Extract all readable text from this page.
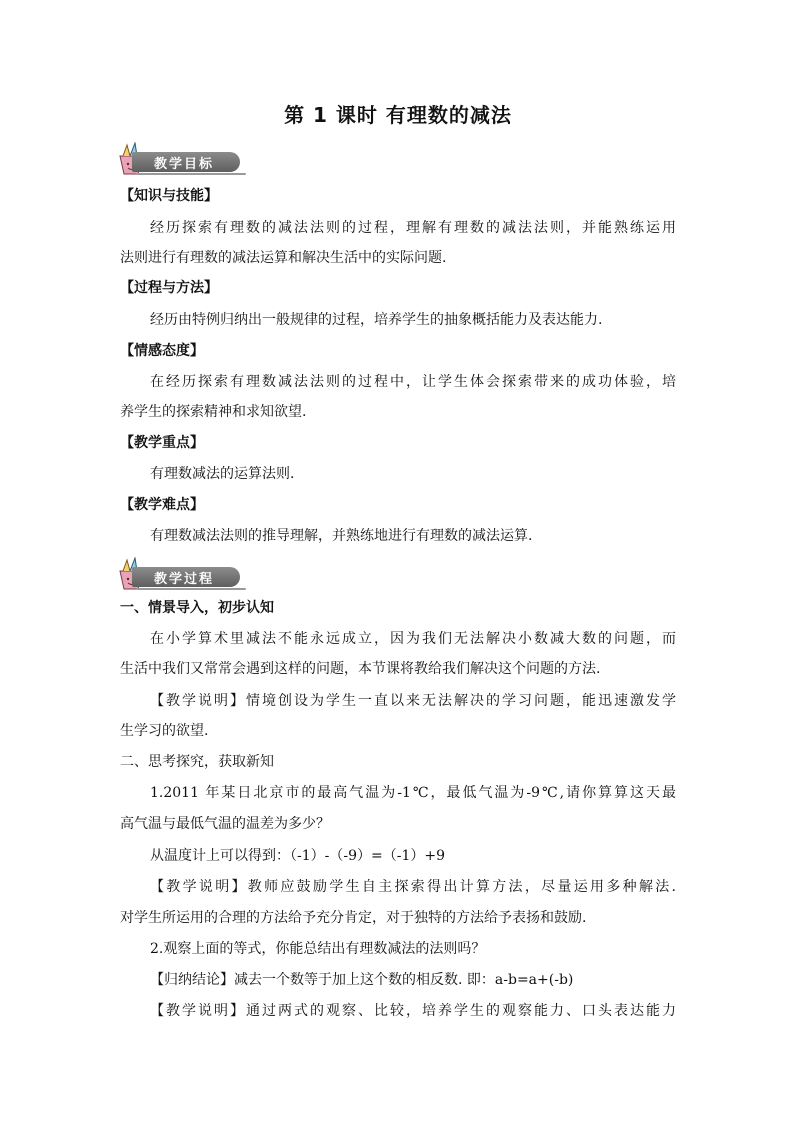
第 1 课时 有理数的减法
教学目标
【知识与技能】
经历探索有理数的减法法则的过程，理解有理数的减法法则，并能熟练运用
法则进行有理数的减法运算和解决生活中的实际问题.
【过程与方法】
经历由特例归纳出一般规律的过程，培养学生的抽象概括能力及表达能力.
【情感态度】
在经历探索有理数减法法则的过程中，让学生体会探索带来的成功体验，培
养学生的探索精神和求知欲望.
【教学重点】
有理数减法的运算法则.
【教学难点】
有理数减法法则的推导理解，并熟练地进行有理数的减法运算.
教学过程
一、情景导入，初步认知
在小学算术里减法不能永远成立，因为我们无法解决小数减大数的问题，而
生活中我们又常常会遇到这样的问题，本节课将教给我们解决这个问题的方法.
【教学说明】情境创设为学生一直以来无法解决的学习问题，能迅速激发学
生学习的欲望.
二、思考探究，获取新知
1.2011 年某日北京市的最高气温为-1℃，最低气温为-9℃,请你算算这天最
高气温与最低气温的温差为多少？
从温度计上可以得到：（-1）-（-9）=（-1）+9
【教学说明】教师应鼓励学生自主探索得出计算方法，尽量运用多种解法.
对学生所运用的合理的方法给予充分肯定，对于独特的方法给予表扬和鼓励.
2.观察上面的等式，你能总结出有理数减法的法则吗？
【归纳结论】减去一个数等于加上这个数的相反数. 即：a-b=a+(-b)
【教学说明】通过两式的观察、比较，培养学生的观察能力、口头表达能力
